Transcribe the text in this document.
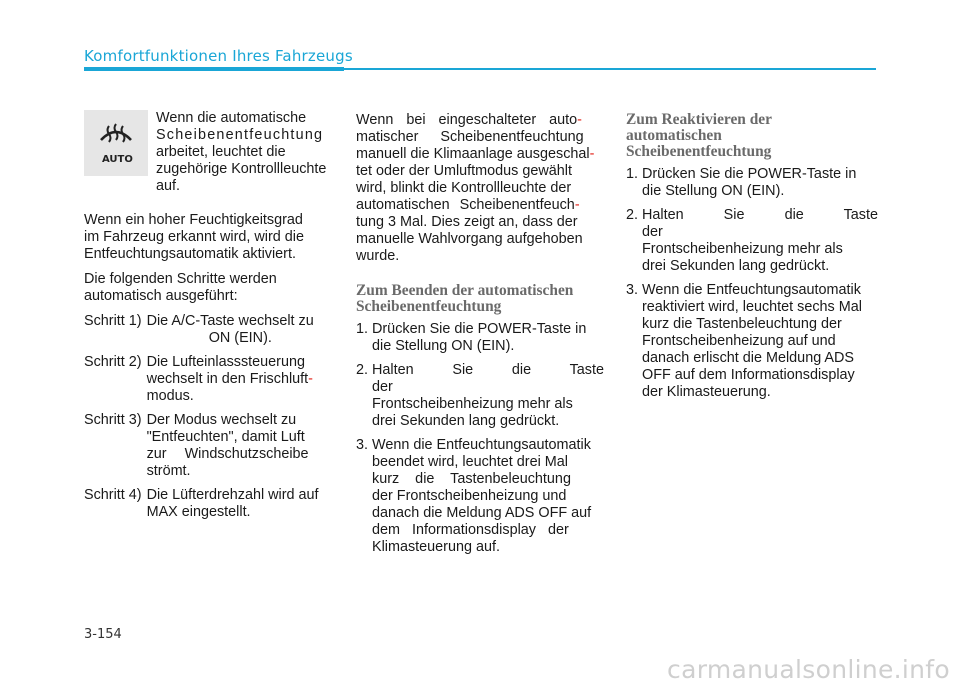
Komfortfunktionen Ihres Fahrzeugs
AUTO
Wenn die automatische
Scheibenentfeuchtung
arbeitet, leuchtet die
zugehörige Kontrollleuchte
auf.

Wenn ein hoher Feuchtigkeitsgrad
im Fahrzeug erkannt wird, wird die
Entfeuchtungsautomatik aktiviert.

Die folgenden Schritte werden
automatisch ausgeführt:

Schritt 1) Die A/C-Taste wechselt zu
ON (EIN).
Schritt 2) Die Lufteinlasssteuerung
wechselt in den Frischluft-
modus.
Schritt 3) Der Modus wechselt zu
"Entfeuchten", damit Luft
zur Windschutzscheibe
strömt.
Schritt 4) Die Lüfterdrehzahl wird auf
MAX eingestellt.

Wenn bei eingeschalteter auto-
matischer Scheibenentfeuchtung
manuell die Klimaanlage ausgeschal-
tet oder der Umluftmodus gewählt
wird, blinkt die Kontrollleuchte der
automatischen Scheibenentfeuch-
tung 3 Mal. Dies zeigt an, dass der
manuelle Wahlvorgang aufgehoben
wurde.

Zum Beenden der automatischen
Scheibenentfeuchtung
1. Drücken Sie die POWER-Taste in
die Stellung ON (EIN).
2. Halten Sie die Taste der
Frontscheibenheizung mehr als
drei Sekunden lang gedrückt.
3. Wenn die Entfeuchtungsautomatik
beendet wird, leuchtet drei Mal
kurz die Tastenbeleuchtung
der Frontscheibenheizung und
danach die Meldung ADS OFF auf
dem Informationsdisplay der
Klimasteuerung auf.
Zum Reaktivieren der
automatischen
Scheibenentfeuchtung
1. Drücken Sie die POWER-Taste in
die Stellung ON (EIN).
2. Halten Sie die Taste der
Frontscheibenheizung mehr als
drei Sekunden lang gedrückt.
3. Wenn die Entfeuchtungsautomatik
reaktiviert wird, leuchtet sechs Mal
kurz die Tastenbeleuchtung der
Frontscheibenheizung auf und
danach erlischt die Meldung ADS
OFF auf dem Informationsdisplay
der Klimasteuerung.
3-154
carmanualsonline.info
